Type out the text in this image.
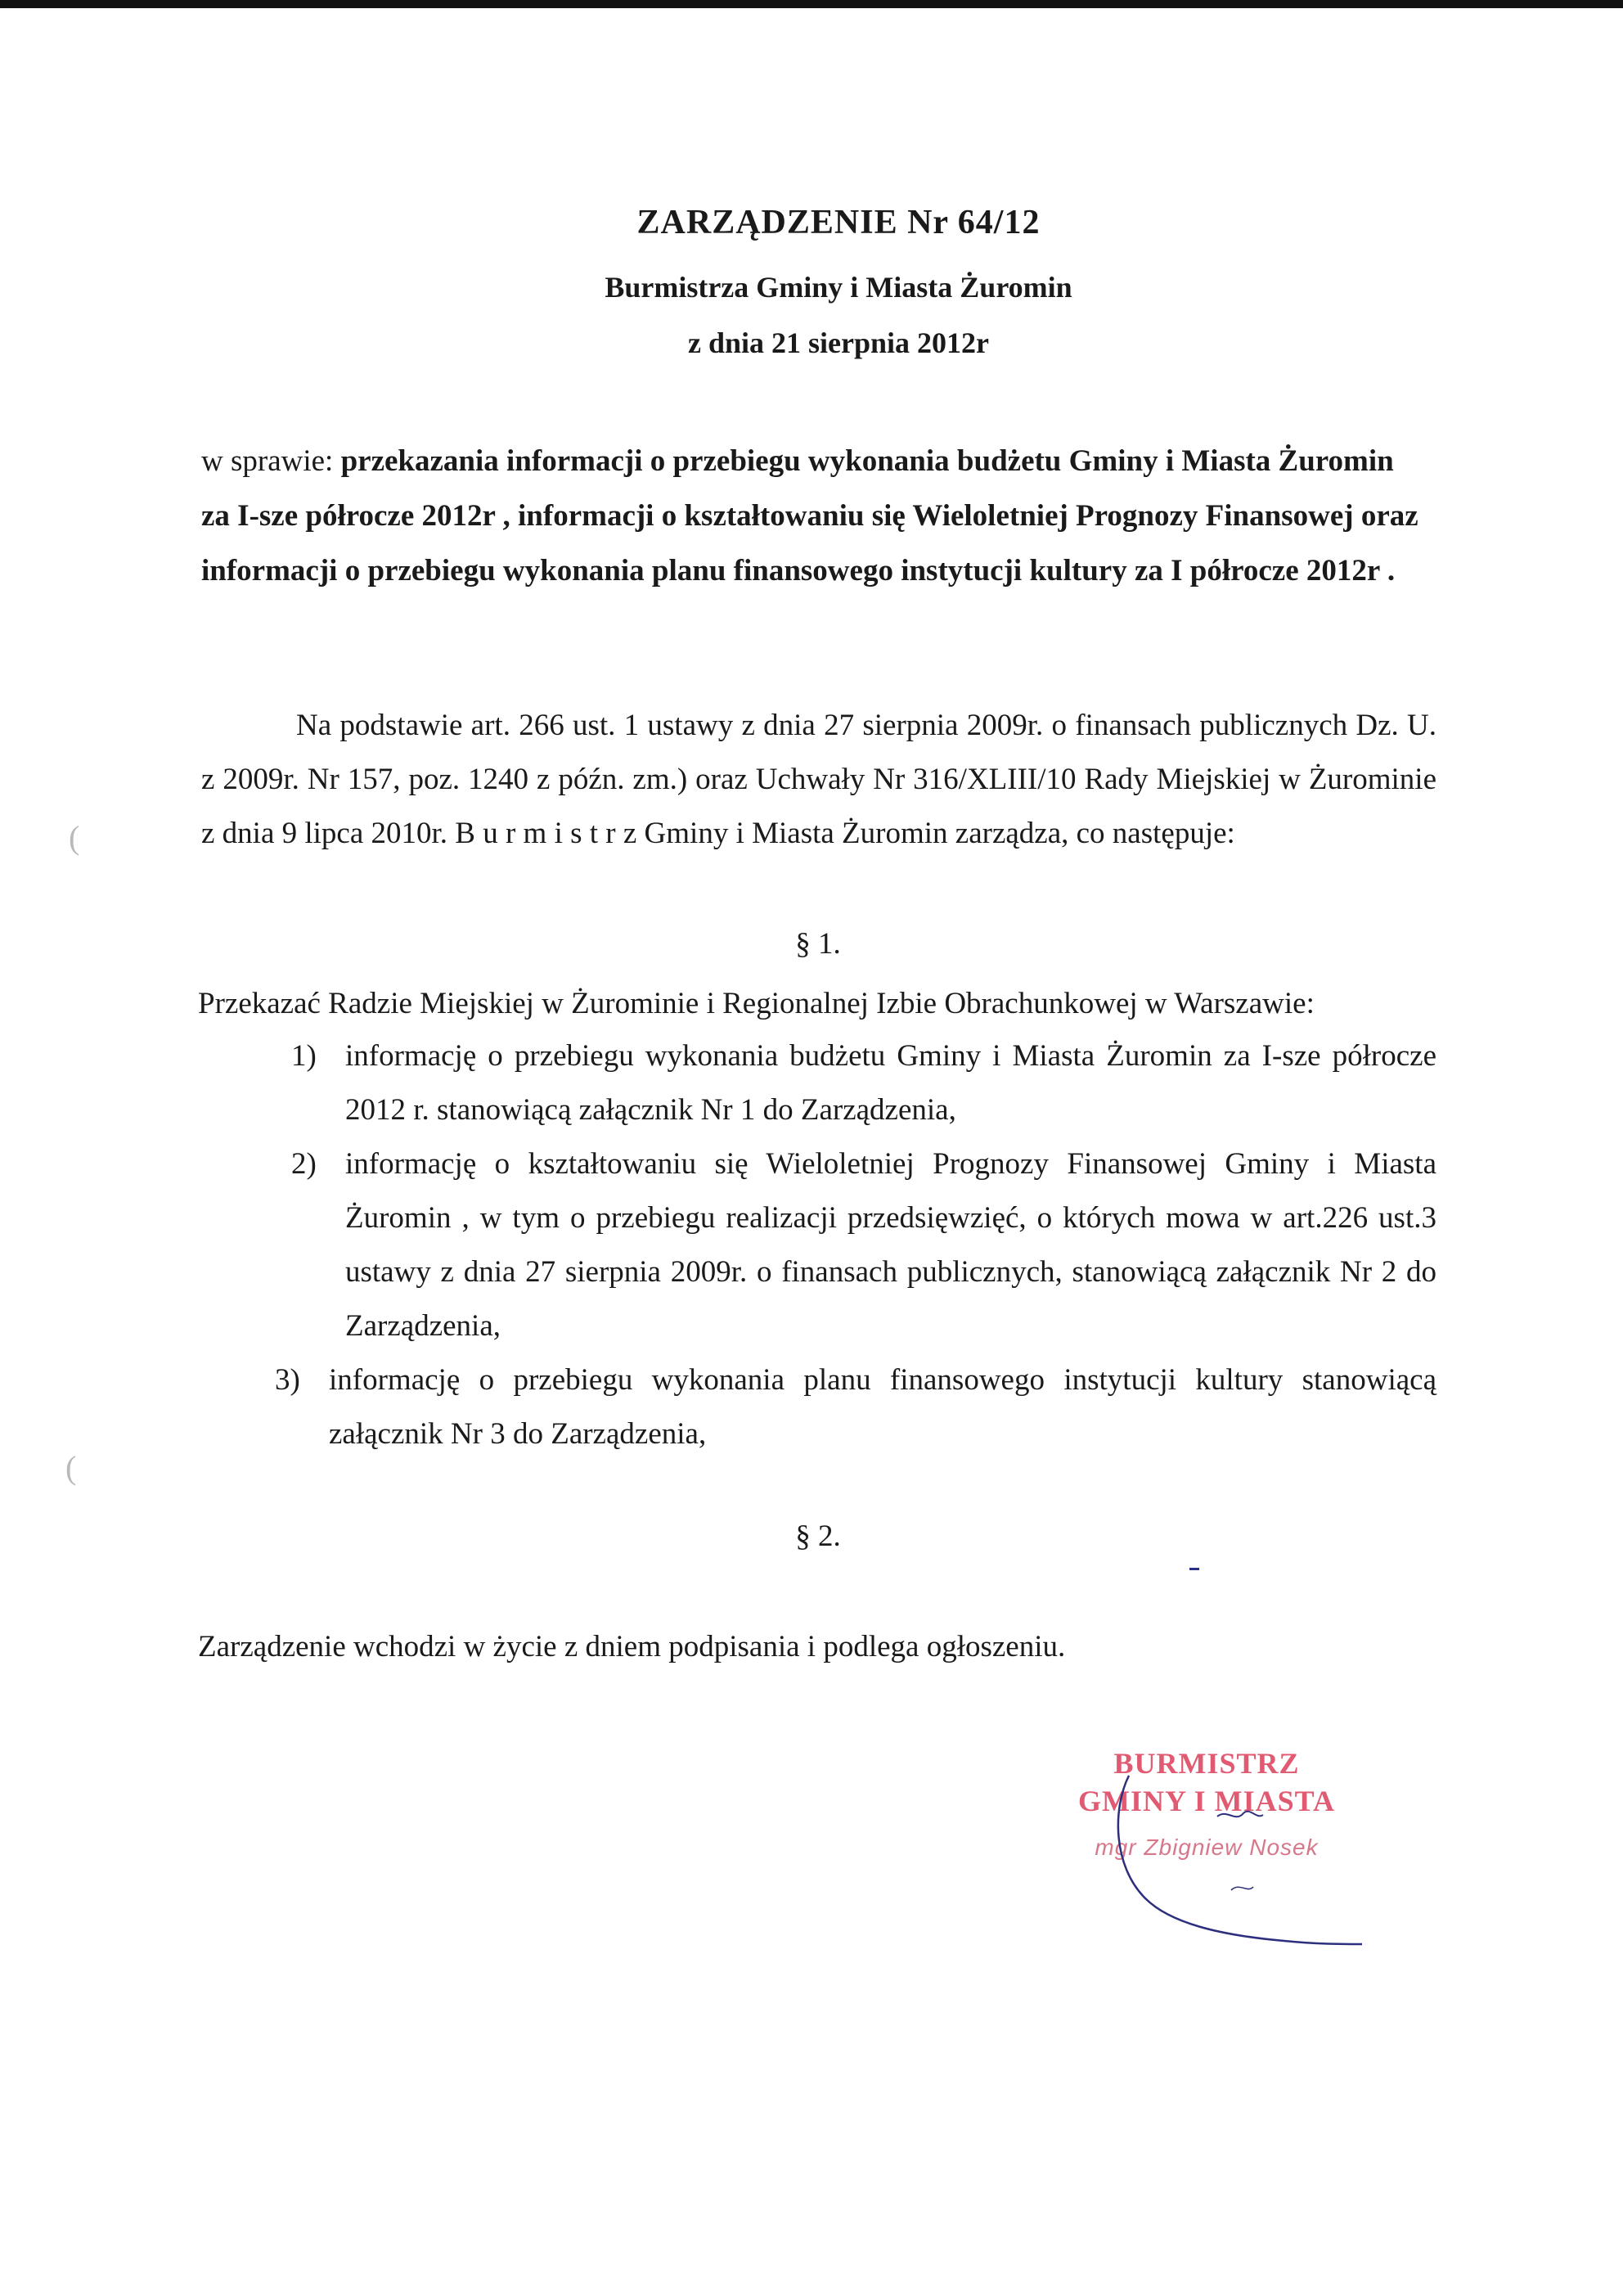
ZARZĄDZENIE Nr 64/12
Burmistrza Gminy i Miasta Żuromin
z dnia 21 sierpnia 2012r
w sprawie: przekazania informacji o przebiegu wykonania budżetu Gminy i Miasta Żuromin za I-sze półrocze 2012r , informacji o kształtowaniu się Wieloletniej Prognozy Finansowej oraz informacji o przebiegu wykonania planu finansowego instytucji kultury za I półrocze 2012r .
Na podstawie art. 266 ust. 1 ustawy z dnia 27 sierpnia 2009r. o finansach publicznych Dz. U. z 2009r. Nr 157, poz. 1240 z późn. zm.) oraz Uchwały Nr 316/XLIII/10 Rady Miejskiej w Żurominie z dnia 9 lipca 2010r. B u r m i s t r z Gminy i Miasta Żuromin zarządza, co następuje:
§ 1.
Przekazać Radzie Miejskiej w Żurominie i Regionalnej Izbie Obrachunkowej w Warszawie:
1) informację o przebiegu wykonania budżetu Gminy i Miasta Żuromin za I-sze półrocze 2012 r. stanowiącą załącznik Nr 1 do Zarządzenia,
2) informację o kształtowaniu się Wieloletniej Prognozy Finansowej Gminy i Miasta Żuromin , w tym o przebiegu realizacji przedsięwzięć, o których mowa w art.226 ust.3 ustawy z dnia 27 sierpnia 2009r. o finansach publicznych, stanowiącą załącznik Nr 2 do Zarządzenia,
3) informację o przebiegu wykonania planu finansowego instytucji kultury stanowiącą załącznik Nr 3 do Zarządzenia,
§ 2.
Zarządzenie wchodzi w życie z dniem podpisania i podlega ogłoszeniu.
BURMISTRZ
GMINY I MIASTA
mgr Zbigniew Nosek
(
(
